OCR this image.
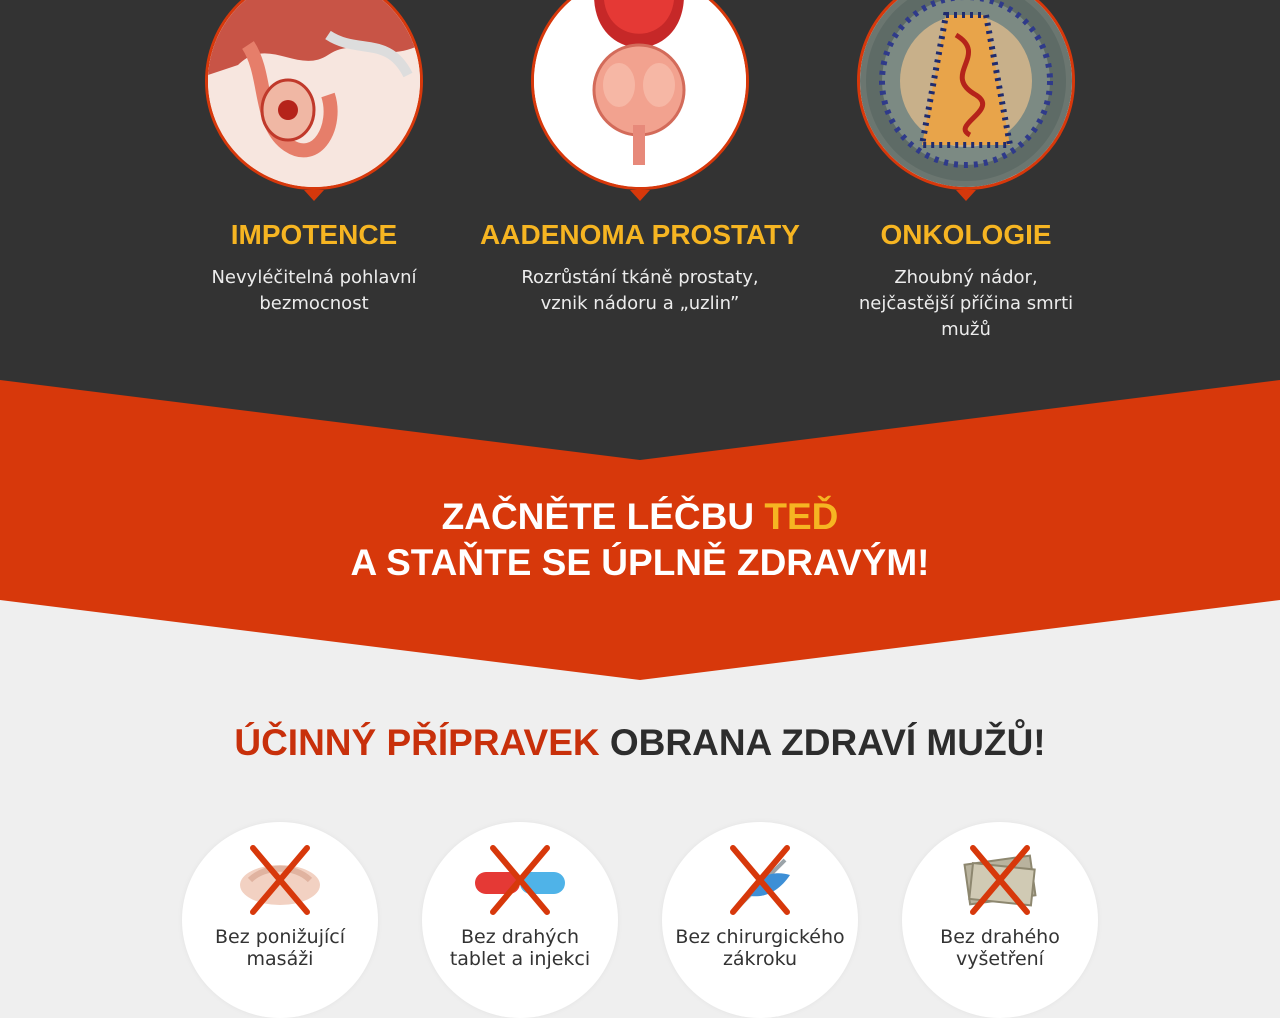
IMPOTENCE

Nevyléčitelná pohlavní bezmocnost

AADENOMA PROSTATY

Rozrůstání tkáně prostaty, vznik nádoru a „uzlin”

ONKOLOGIE

Zhoubný nádor, nejčastější příčina smrti mužů

ZAČNĚTE LÉČBU TEĎ
A STAŇTE SE ÚPLNĚ ZDRAVÝM!
ÚČINNÝ PŘÍPRAVEK OBRANA ZDRAVÍ MUŽŮ!
Bez ponižující
masáži
Bez drahých
tablet a injekci
Bez chirurgického
zákroku
Bez drahého
vyšetření
